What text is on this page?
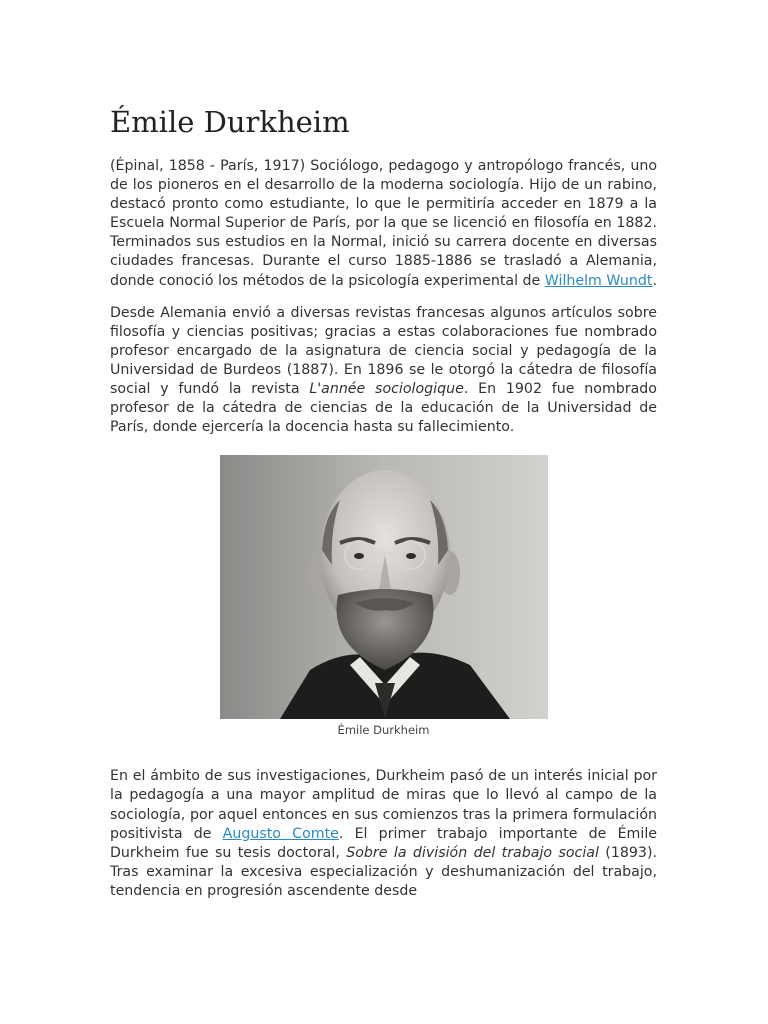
Émile Durkheim

(Épinal, 1858 - París, 1917) Sociólogo, pedagogo y antropólogo francés, uno de los pioneros en el desarrollo de la moderna sociología. Hijo de un rabino, destacó pronto como estudiante, lo que le permitiría acceder en 1879 a la Escuela Normal Superior de París, por la que se licenció en filosofía en 1882. Terminados sus estudios en la Normal, inició su carrera docente en diversas ciudades francesas. Durante el curso 1885-1886 se trasladó a Alemania, donde conoció los métodos de la psicología experimental de Wilhelm Wundt.

Desde Alemania envió a diversas revistas francesas algunos artículos sobre filosofía y ciencias positivas; gracias a estas colaboraciones fue nombrado profesor encargado de la asignatura de ciencia social y pedagogía de la Universidad de Burdeos (1887). En 1896 se le otorgó la cátedra de filosofía social y fundó la revista L'année sociologique. En 1902 fue nombrado profesor de la cátedra de ciencias de la educación de la Universidad de París, donde ejercería la docencia hasta su fallecimiento.

Émile Durkheim

En el ámbito de sus investigaciones, Durkheim pasó de un interés inicial por la pedagogía a una mayor amplitud de miras que lo llevó al campo de la sociología, por aquel entonces en sus comienzos tras la primera formulación positivista de Augusto Comte. El primer trabajo importante de Émile Durkheim fue su tesis doctoral, Sobre la división del trabajo social (1893). Tras examinar la excesiva especialización y deshumanización del trabajo, tendencia en progresión ascendente desde
